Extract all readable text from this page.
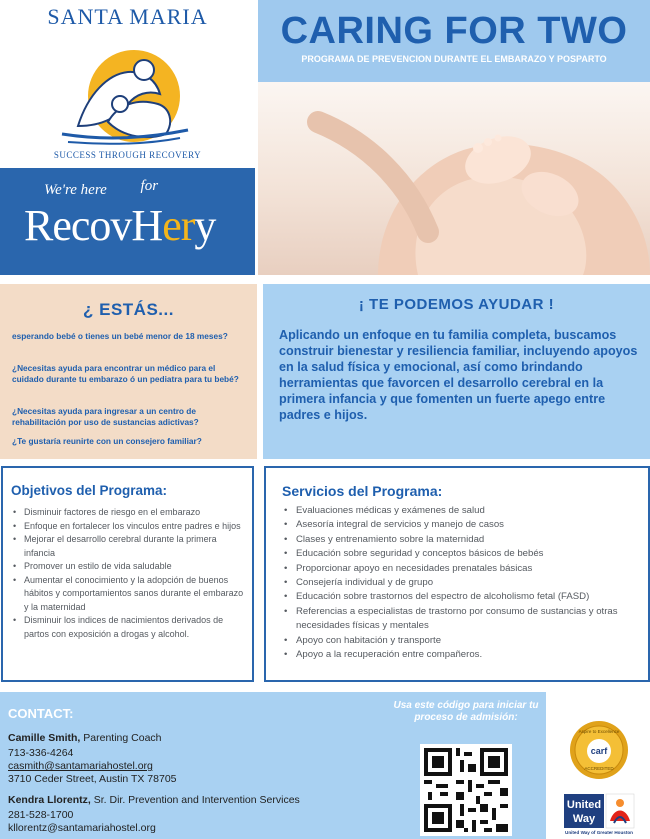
SANTA MARIA
SUCCESS THROUGH RECOVERY
We're here for
RecovHery
CARING FOR TWO
PROGRAMA DE PREVENCION DURANTE EL EMBARAZO Y POSPARTO
¿ ESTÁS...
esperando bebé o tienes un bebé menor de 18 meses?
¿Necesitas ayuda para encontrar un médico para el cuidado durante tu embarazo ó un pediatra para tu bebé?
¿Necesitas ayuda para ingresar a un centro de rehabilitación por uso de sustancias adictivas?
¿Te gustaría reunirte con un consejero familiar?
¡ TE PODEMOS AYUDAR !
Aplicando un enfoque en tu familia completa, buscamos construir bienestar y resiliencia familiar, incluyendo apoyos en la salud física y emocional, así como brindando herramientas que favorcen el desarrollo cerebral en la primera infancia y que fomenten un fuerte apego entre padres e hijos.
Objetivos del Programa:
• Disminuir factores de riesgo en el embarazo
• Enfoque en fortalecer los vinculos entre padres e hijos
• Mejorar el desarrollo cerebral durante la primera infancia
• Promover un estilo de vida saludable
• Aumentar el conocimiento y la adopción de buenos hábitos y comportamientos sanos durante el embarazo y la maternidad
• Disminuir los indices de nacimientos derivados de partos con exposición a drogas y alcohol.
Servicios del Programa:
• Evaluaciones médicas y exámenes de salud
• Asesoría integral de servicios y manejo de casos
• Clases y entrenamiento sobre la maternidad
• Educación sobre seguridad y conceptos básicos de bebés
• Proporcionar apoyo en necesidades prenatales básicas
• Consejería individual y de grupo
• Educación sobre trastornos del espectro de alcoholismo fetal (FASD)
• Referencias a especialistas de trastorno por consumo de sustancias y otras necesidades físicas y mentales
• Apoyo con habitación y transporte
• Apoyo a la recuperación entre compañeros.
CONTACT:
Camille Smith, Parenting Coach
713-336-4264
casmith@santamariahostel.org
3710 Ceder Street, Austin TX 78705
Kendra Llorentz, Sr. Dir. Prevention and Intervention Services
281-528-1700
kllorentz@santamariahostel.org
Usa este código para iniciar tu proceso de admisión:
carf
Aspire to Excellence
ACCREDITED
United
Way
United Way of Greater Houston
